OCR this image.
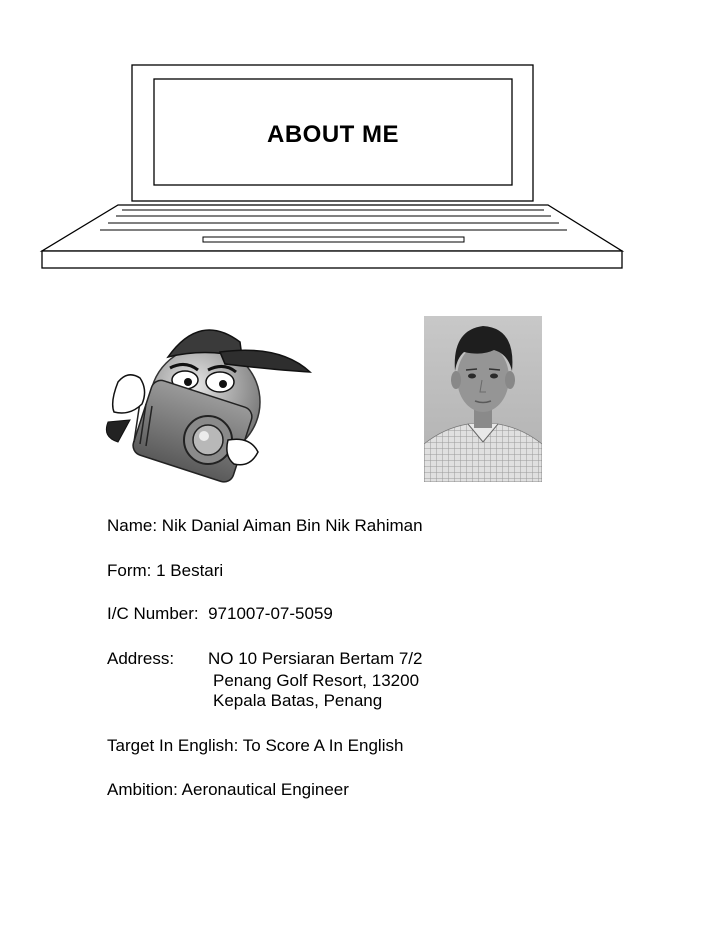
ABOUT ME
Name: Nik Danial Aiman Bin Nik Rahiman
Form: 1 Bestari
I/C Number:  971007-07-5059
Address: NO 10 Persiaran Bertam 7/2
Penang Golf Resort, 13200
Kepala Batas, Penang
Target In English: To Score A In English
Ambition: Aeronautical Engineer
